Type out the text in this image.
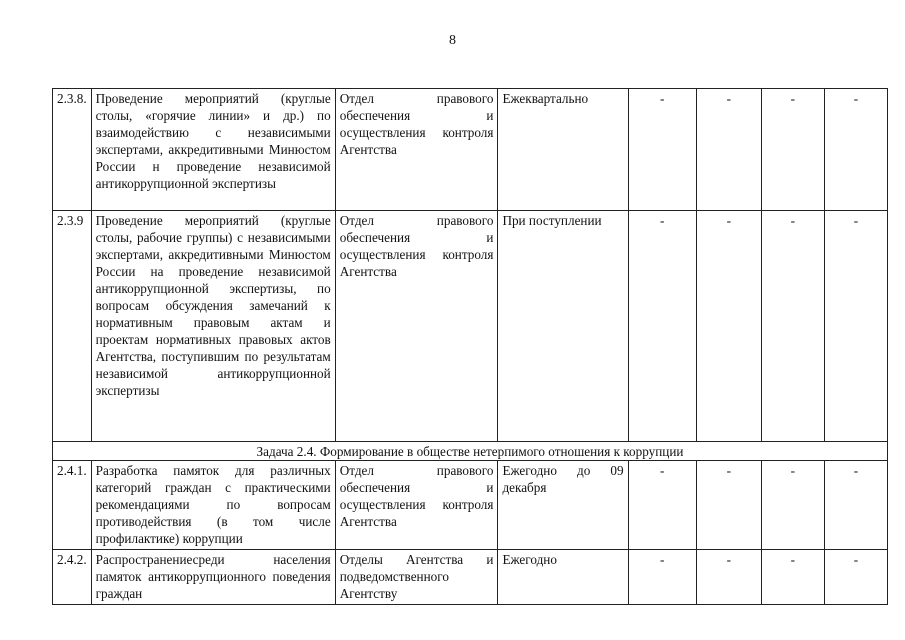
8
2.3.8.	Проведение мероприятий (круглые столы, «горячие линии» и др.) по взаимодействию с независимыми экспертами, аккредитивными Минюстом России н проведение независимой антикоррупционной экспертизы	Отдел правового обеспечения и осуществления контроля Агентства	Ежеквартально	-	-	-	-
2.3.9	Проведение мероприятий (круглые столы, рабочие группы) с независимыми экспертами, аккредитивными Минюстом России на проведение независимой антикоррупционной экспертизы, по вопросам обсуждения замечаний к нормативным правовым актам и проектам нормативных правовых актов Агентства, поступившим по результатам независимой антикоррупционной экспертизы	Отдел правового обеспечения и осуществления контроля Агентства	При поступлении	-	-	-	-
Задача 2.4. Формирование в обществе нетерпимого отношения к коррупции							
2.4.1.	Разработка памяток для различных категорий граждан с практическими рекомендациями по вопросам противодействия (в том числе профилактике) коррупции	Отдел правового обеспечения и осуществления контроля Агентства	Ежегодно до 09 декабря	-	-	-	-
2.4.2.	Распространениесреди населения памяток антикоррупционного поведения граждан	Отделы Агентства и подведомственного Агентству	Ежегодно	-	-	-	-
